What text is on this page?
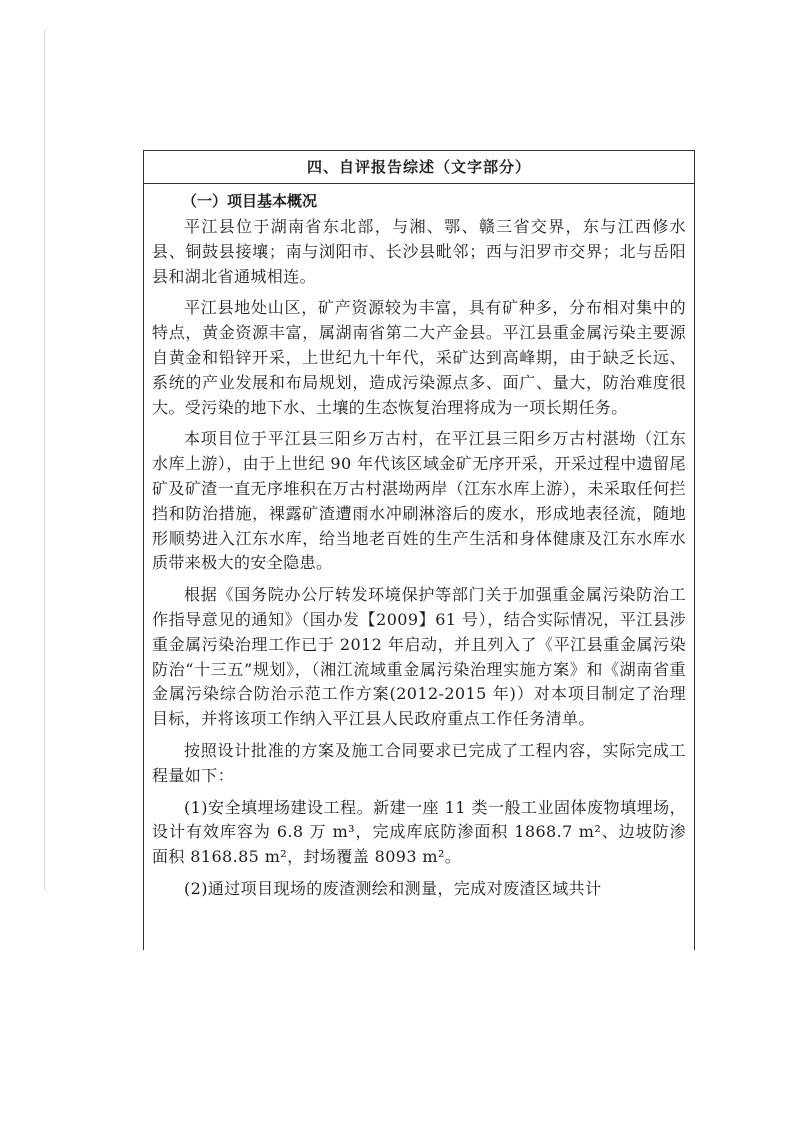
四、自评报告综述（文字部分）

（一）项目基本概况

平江县位于湖南省东北部，与湘、鄂、赣三省交界，东与江西修水县、铜鼓县接壤；南与浏阳市、长沙县毗邻；西与汨罗市交界；北与岳阳县和湖北省通城相连。

平江县地处山区，矿产资源较为丰富，具有矿种多，分布相对集中的特点，黄金资源丰富，属湖南省第二大产金县。平江县重金属污染主要源自黄金和铅锌开采，上世纪九十年代，采矿达到高峰期，由于缺乏长远、系统的产业发展和布局规划，造成污染源点多、面广、量大，防治难度很大。受污染的地下水、土壤的生态恢复治理将成为一项长期任务。

本项目位于平江县三阳乡万古村，在平江县三阳乡万古村湛坳（江东水库上游），由于上世纪 90 年代该区域金矿无序开采，开采过程中遗留尾矿及矿渣一直无序堆积在万古村湛坳两岸（江东水库上游），未采取任何拦挡和防治措施，裸露矿渣遭雨水冲刷淋溶后的废水，形成地表径流，随地形顺势进入江东水库，给当地老百姓的生产生活和身体健康及江东水库水质带来极大的安全隐患。

根据《国务院办公厅转发环境保护等部门关于加强重金属污染防治工作指导意见的通知》（国办发【2009】61 号），结合实际情况，平江县涉重金属污染治理工作已于 2012 年启动，并且列入了《平江县重金属污染防治“十三五”规划》，（湘江流域重金属污染治理实施方案》和《湖南省重金属污染综合防治示范工作方案(2012-2015 年)）对本项目制定了治理目标，并将该项工作纳入平江县人民政府重点工作任务清单。

按照设计批准的方案及施工合同要求已完成了工程内容，实际完成工程量如下：

(1)安全填埋场建设工程。新建一座 11 类一般工业固体废物填埋场，设计有效库容为 6.8 万 m³，完成库底防渗面积 1868.7 m²、边坡防渗面积 8168.85 m²，封场覆盖 8093 m²。

(2)通过项目现场的废渣测绘和测量，完成对废渣区域共计
